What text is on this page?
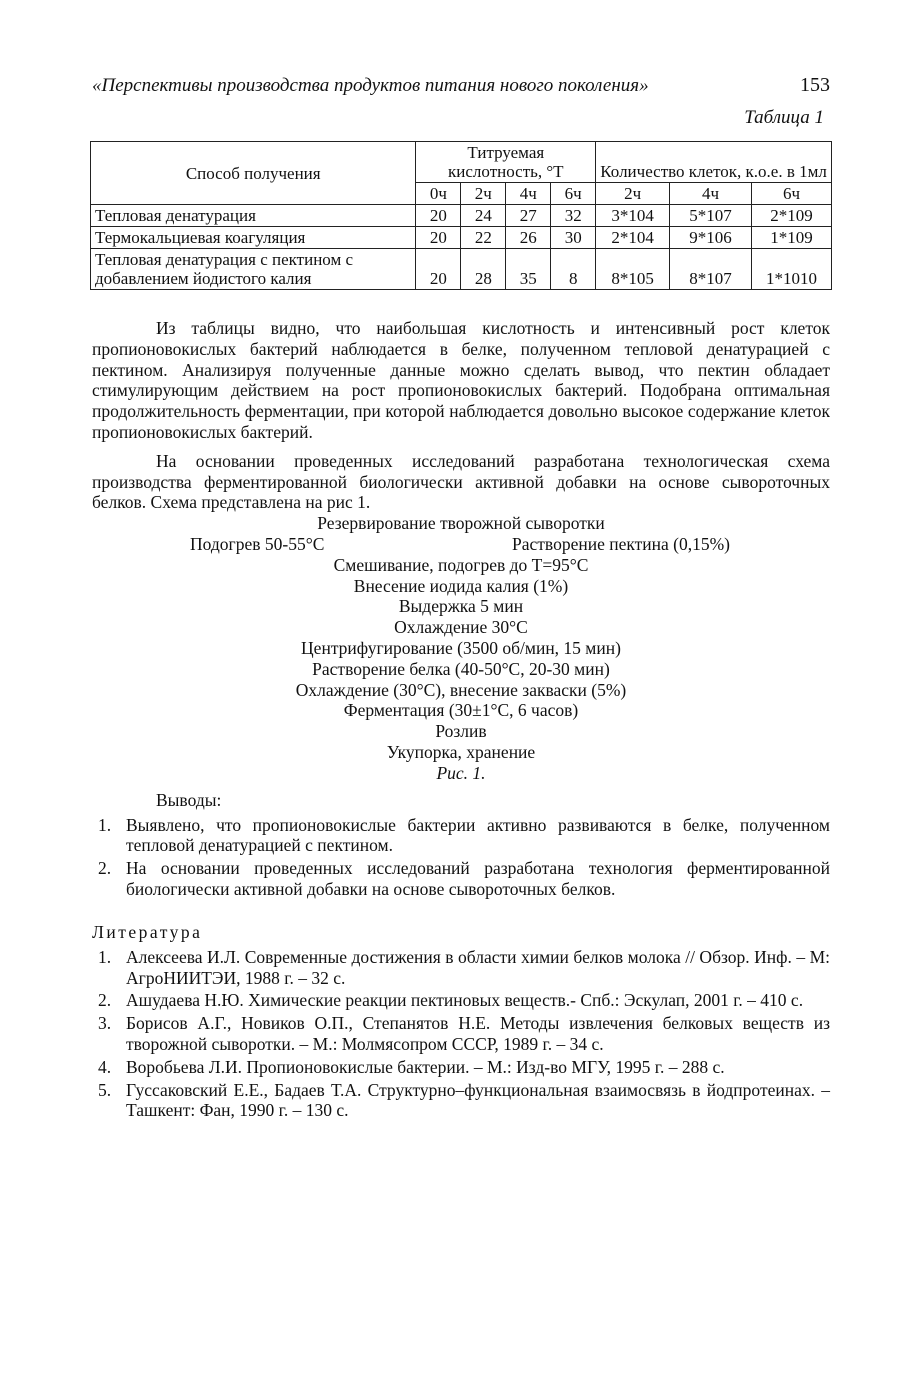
«Перспективы производства продуктов питания нового поколения»	153
Таблица 1
Способ получения	Титруемая кислотность, °Т				Количество клеток, к.о.е. в 1мл		
	0ч	2ч	4ч	6ч	2ч	4ч	6ч
Тепловая денатурация	20	24	27	32	3*104	5*107	2*109
Термокальциевая коагуляция	20	22	26	30	2*104	9*106	1*109
Тепловая денатурация с пектином с добавлением йодистого калия	20	28	35	8	8*105	8*107	1*1010

Из таблицы видно, что наибольшая кислотность и интенсивный рост клеток пропионовокислых бактерий наблюдается в белке, полученном тепловой денатурацией с пектином. Анализируя полученные данные можно сделать вывод, что пектин обладает стимулирующим действием на рост пропионовокислых бактерий. Подобрана оптимальная продолжительность ферментации, при которой наблюдается довольно высокое содержание клеток пропионовокислых бактерий.

На основании проведенных исследований разработана технологическая схема производства ферментированной биологически активной добавки на основе сывороточных белков. Схема представлена на рис 1.

Резервирование творожной сыворотки
Подогрев 50-55°С	Растворение пектина (0,15%)
Смешивание, подогрев до Т=95°С
Внесение иодида калия (1%)
Выдержка 5 мин
Охлаждение 30°С
Центрифугирование (3500 об/мин, 15 мин)
Растворение белка (40-50°С, 20-30 мин)
Охлаждение (30°С), внесение закваски (5%)
Ферментация (30±1°С, 6 часов)
Розлив
Укупорка, хранение
Рис. 1.
Выводы:
1. Выявлено, что пропионовокислые бактерии активно развиваются в белке, полученном тепловой денатурацией с пектином.
2. На основании проведенных исследований разработана технология ферментированной биологически активной добавки на основе сывороточных белков.
Литература
1. Алексеева И.Л. Современные достижения в области химии белков молока // Обзор. Инф. – М: АгроНИИТЭИ, 1988 г. – 32 с.
2. Ашудаева Н.Ю. Химические реакции пектиновых веществ.- Спб.: Эскулап, 2001 г. – 410 с.
3. Борисов А.Г., Новиков О.П., Степанятов Н.Е. Методы извлечения белковых веществ из творожной сыворотки. – М.: Молмясопром СССР, 1989 г. – 34 с.
4. Воробьева Л.И. Пропионовокислые бактерии. – М.: Изд-во МГУ, 1995 г. – 288 с.
5. Гуссаковский Е.Е., Бадаев Т.А. Структурно–функциональная взаимосвязь в йодпротеинах. – Ташкент: Фан, 1990 г. – 130 с.
